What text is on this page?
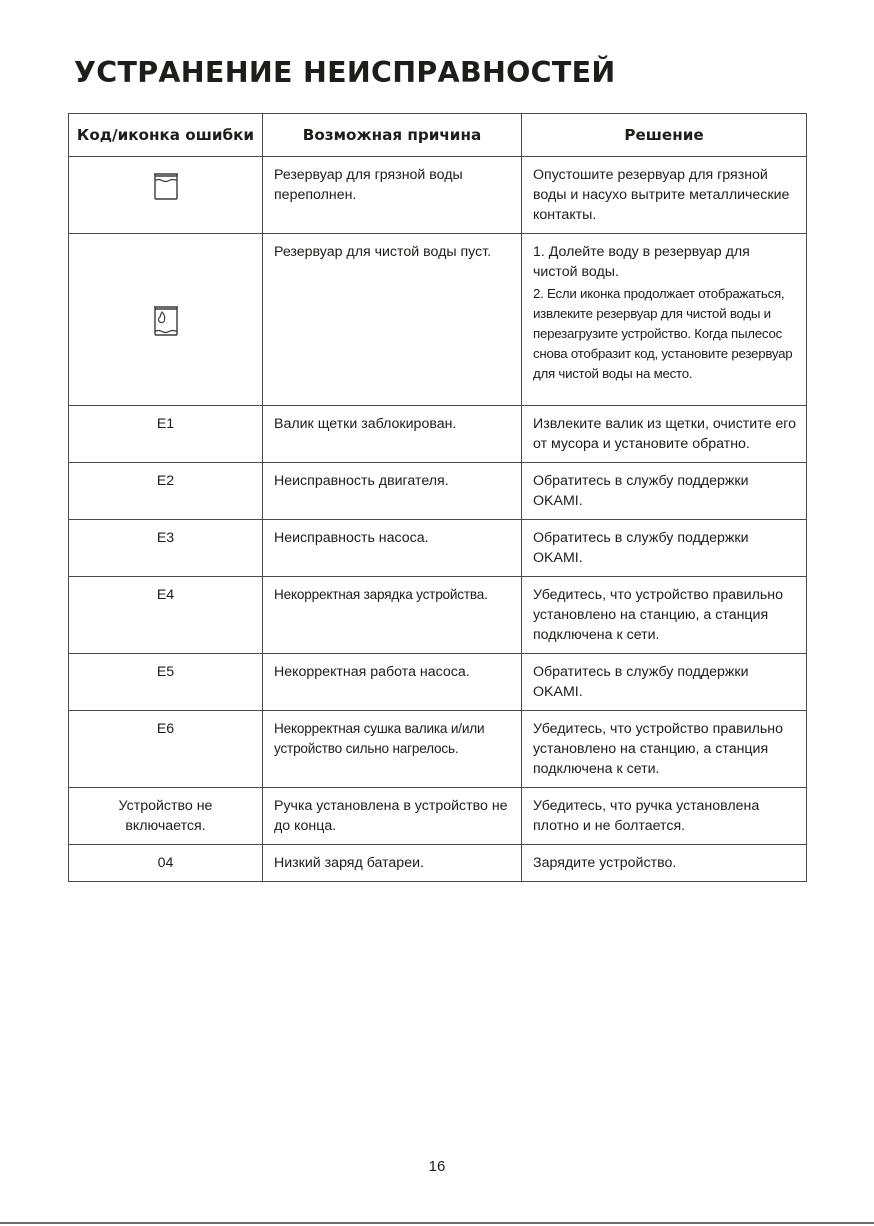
УСТРАНЕНИЕ НЕИСПРАВНОСТЕЙ
Код/иконка ошибки	Возможная причина	Решение

	Резервуар для грязной воды переполнен.	Опустошите резервуар для грязной воды и насухо вытрите металлические контакты.

	Резервуар для чистой воды пуст.	1. Долейте воду в резервуар для чистой воды.
2. Если иконка продолжает отображаться, извлеките резервуар для чистой воды и перезагрузите устройство. Когда пылесос снова отобразит код, установите резервуар для чистой воды на место.

E1	Валик щетки заблокирован.	Извлеките валик из щетки, очистите его от мусора и установите обратно.
E2	Неисправность двигателя.	Обратитесь в службу поддержки OKAMI.
E3	Неисправность насоса.	Обратитесь в службу поддержки OKAMI.
E4	Некорректная зарядка устройства.	Убедитесь, что устройство правильно установлено на станцию, а станция подключена к сети.
E5	Некорректная работа насоса.	Обратитесь в службу поддержки OKAMI.
E6	Некорректная сушка валика и/или устройство сильно нагрелось.	Убедитесь, что устройство правильно установлено на станцию, а станция подключена к сети.
Устройство не включается.	Ручка установлена в устройство не до конца.	Убедитесь, что ручка установлена плотно и не болтается.
04	Низкий заряд батареи.	Зарядите устройство.
16
